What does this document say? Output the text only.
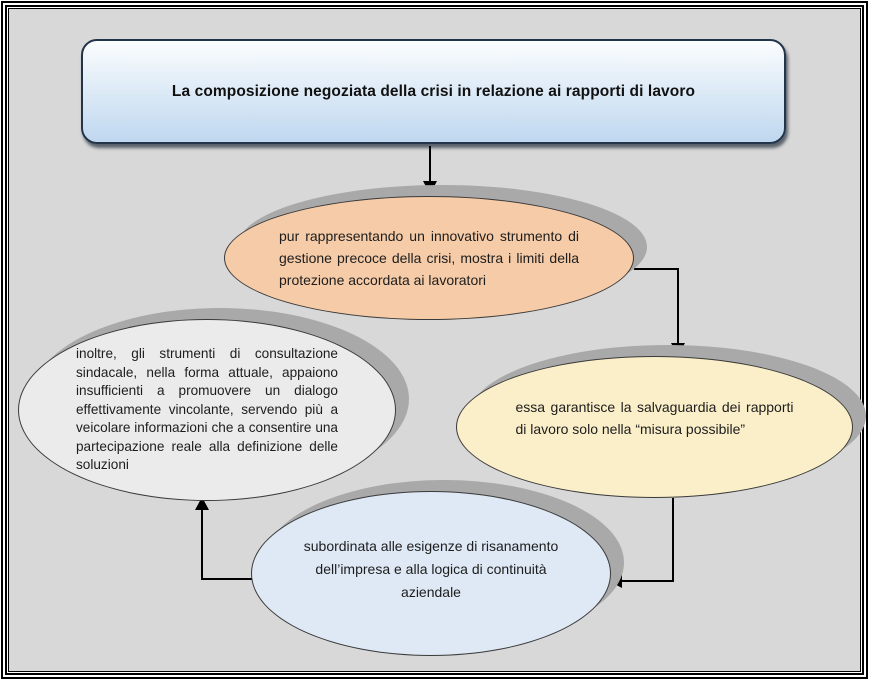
La composizione negoziata della crisi in relazione ai rapporti di lavoro
pur rappresentando un innovativo strumento di gestione precoce della crisi, mostra i limiti della protezione accordata ai lavoratori
inoltre, gli strumenti di consultazione sindacale, nella forma attuale, appaiono insufficienti a promuovere un dialogo effettivamente vincolante, servendo più a veicolare informazioni che a consentire una partecipazione reale alla definizione delle soluzioni
essa garantisce la salvaguardia dei rapporti di lavoro solo nella “misura possibile”
subordinata alle esigenze di risanamento dell’impresa e alla logica di continuità aziendale
